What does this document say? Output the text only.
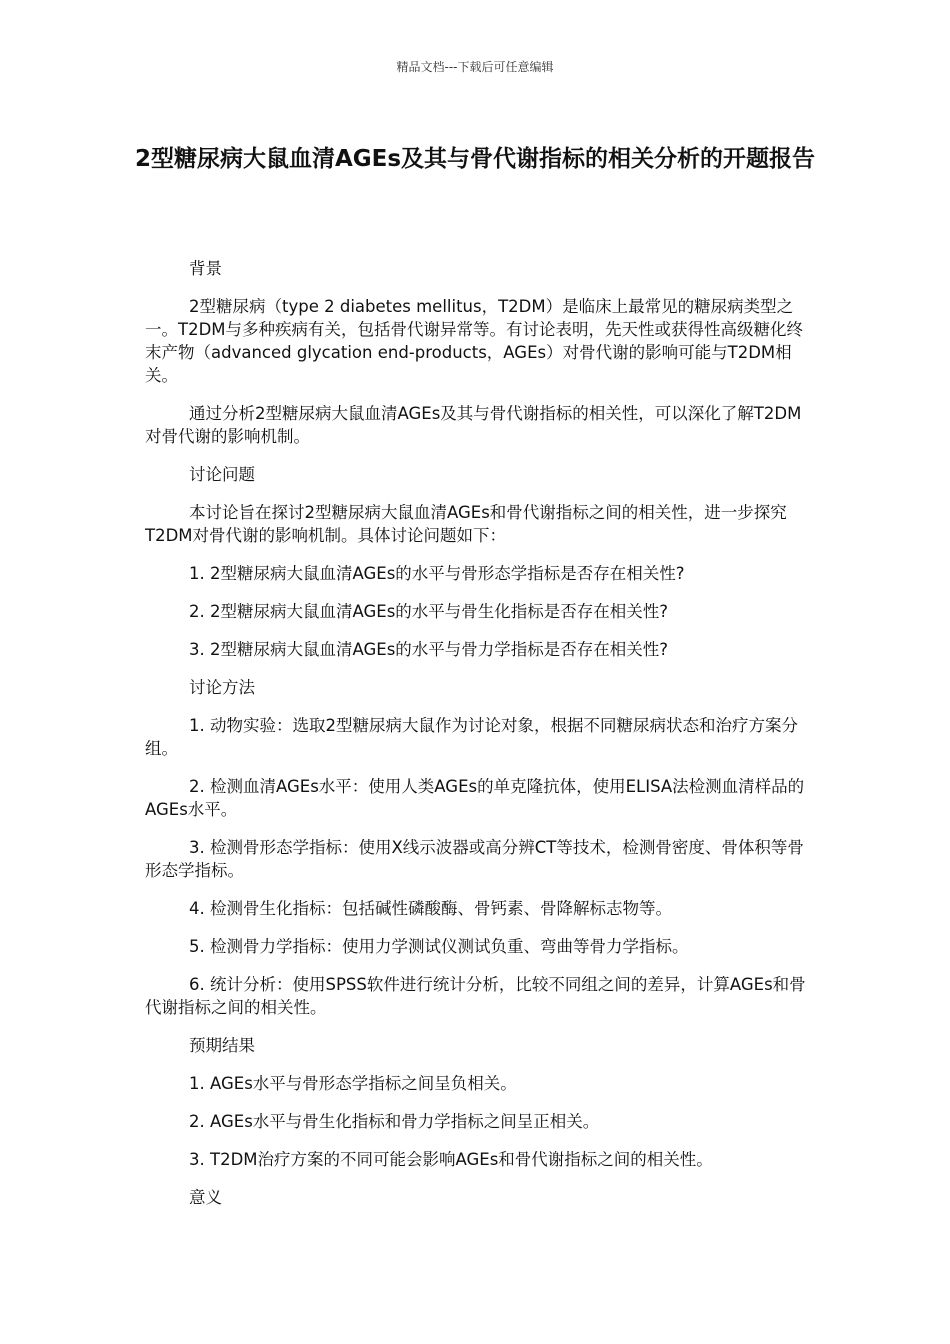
精品文档---下载后可任意编辑
2型糖尿病大鼠血清AGEs及其与骨代谢指标的相关分析的开题报告

背景

2型糖尿病（type 2 diabetes mellitus，T2DM）是临床上最常见的糖尿病类型之一。T2DM与多种疾病有关，包括骨代谢异常等。有讨论表明，先天性或获得性高级糖化终末产物（advanced glycation end-products，AGEs）对骨代谢的影响可能与T2DM相关。

通过分析2型糖尿病大鼠血清AGEs及其与骨代谢指标的相关性，可以深化了解T2DM对骨代谢的影响机制。

讨论问题

本讨论旨在探讨2型糖尿病大鼠血清AGEs和骨代谢指标之间的相关性，进一步探究T2DM对骨代谢的影响机制。具体讨论问题如下：

1. 2型糖尿病大鼠血清AGEs的水平与骨形态学指标是否存在相关性?

2. 2型糖尿病大鼠血清AGEs的水平与骨生化指标是否存在相关性?

3. 2型糖尿病大鼠血清AGEs的水平与骨力学指标是否存在相关性?

讨论方法

1. 动物实验：选取2型糖尿病大鼠作为讨论对象，根据不同糖尿病状态和治疗方案分组。

2. 检测血清AGEs水平：使用人类AGEs的单克隆抗体，使用ELISA法检测血清样品的AGEs水平。

3. 检测骨形态学指标：使用X线示波器或高分辨CT等技术，检测骨密度、骨体积等骨形态学指标。

4. 检测骨生化指标：包括碱性磷酸酶、骨钙素、骨降解标志物等。

5. 检测骨力学指标：使用力学测试仪测试负重、弯曲等骨力学指标。

6. 统计分析：使用SPSS软件进行统计分析，比较不同组之间的差异，计算AGEs和骨代谢指标之间的相关性。

预期结果

1. AGEs水平与骨形态学指标之间呈负相关。

2. AGEs水平与骨生化指标和骨力学指标之间呈正相关。

3. T2DM治疗方案的不同可能会影响AGEs和骨代谢指标之间的相关性。

意义
